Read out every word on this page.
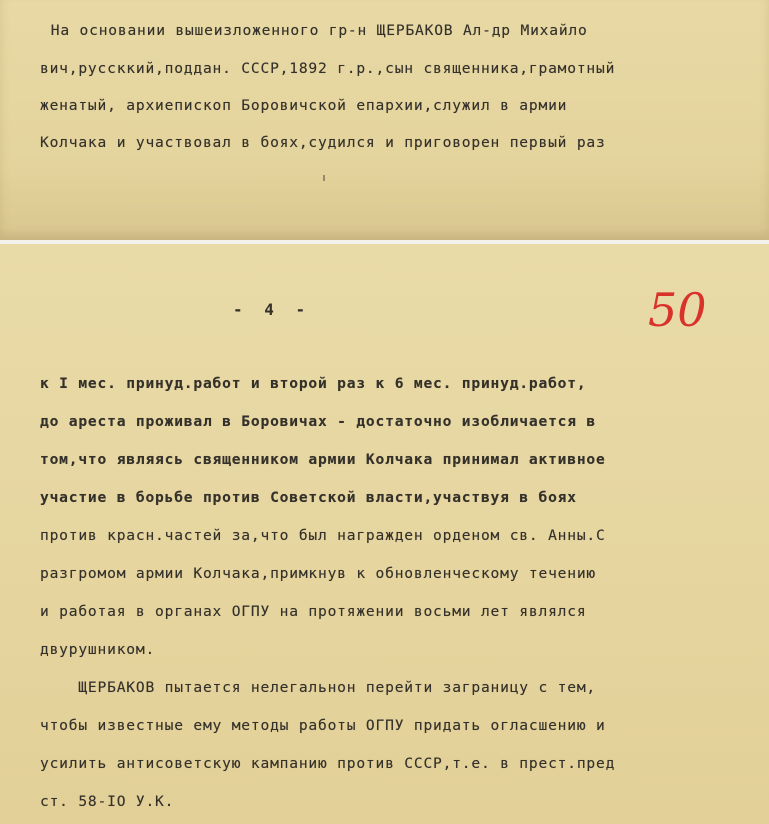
На основании вышеизложенного гр-н ЩЕРБАКОВ Ал-др Михайло
вич,руссккий,поддан. СССР,1892 г.р.,сын священника,грамотный
женатый, архиепископ Боровичской епархии,служил в армии
Колчака и участвовал в боях,судился и приговорен первый раз
- 4 -	50
к I мес. принуд.работ и второй раз к 6 мес. принуд.работ,
до ареста проживал в Боровичах - достаточно изобличается в
том,что являясь священником армии Колчака принимал активное
участие в борьбе против Советской власти,участвуя в боях
против красн.частей за,что был награжден орденом св. Анны.С
разгромом армии Колчака,примкнув к обновленческому течению
и работая в органах ОГПУ на протяжении восьми лет являлся
двурушником.
ЩЕРБАКОВ пытается нелегальнон перейти заграницу с тем,
чтобы известные ему методы работы ОГПУ придать огласшению и
усилить антисоветскую кампанию против СССР,т.е. в прест.пред
ст. 58-IO У.К.
